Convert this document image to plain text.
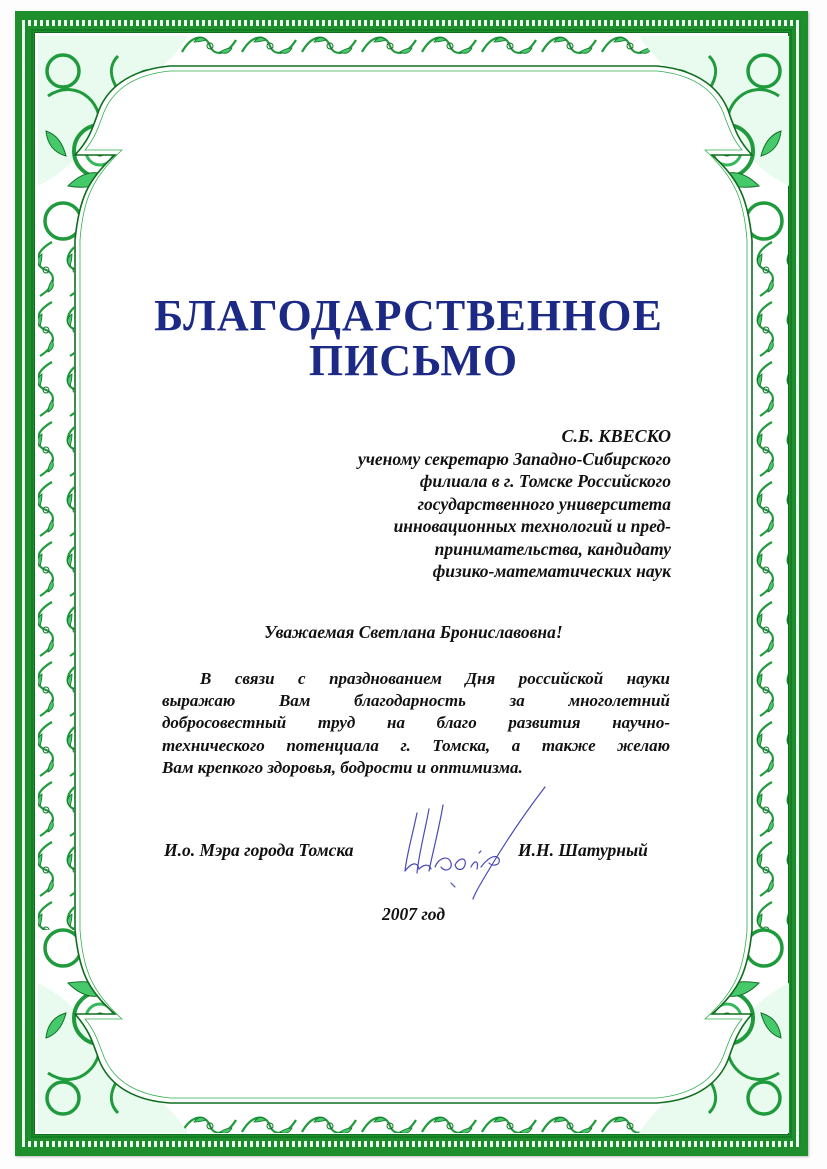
БЛАГОДАРСТВЕННОЕ
ПИСЬМО
С.Б. КВЕСКО
ученому секретарю Западно-Сибирского
филиала в г. Томске Российского
государственного университета
инновационных технологий и пред-
принимательства, кандидату
физико-математических наук
Уважаемая Светлана Брониславовна!
В связи с празднованием Дня российской науки
выражаю Вам благодарность за многолетний
добросовестный труд на благо развития научно-
технического потенциала г. Томска, а также желаю
Вам крепкого здоровья, бодрости и оптимизма.
И.о. Мэра города Томска	И.Н. Шатурный
2007 год
